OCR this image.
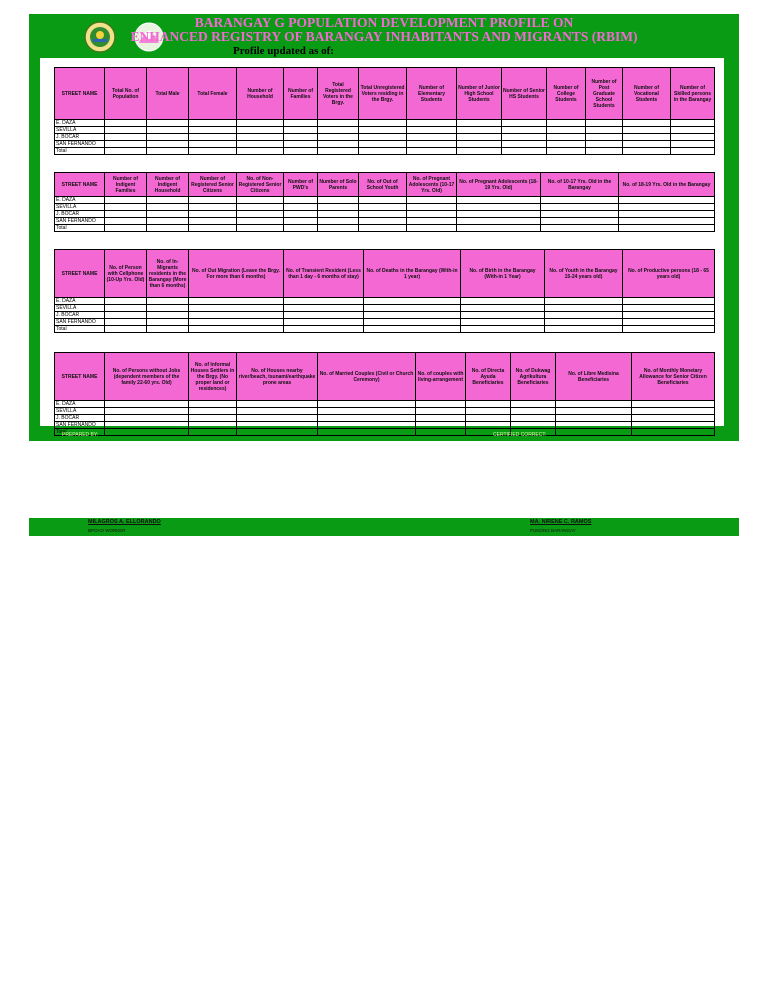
BARANGAY G POPULATION DEVELOPMENT PROFILE ON
ENHANCED REGISTRY OF BARANGAY INHABITANTS AND MIGRANTS (RBIM)
Profile updated as of:
STREET NAME	Total No. of Population	Total Male	Total Female	Number of Household	Number of Families	Total Registered Voters in the Brgy.	Total Unregistered Voters residing in the Brgy.	Number of Elementary Students	Number of Junior High School Students	Number of Senior HS Students	Number of College Students	Number of Post Graduate School Students	Number of Vocational Students	Number of Skilled persons in the Barangay
E. DAZA														
SEVILLA														
J. BOCAR														
SAN FERNANDO														
Total														
STREET NAME	Number of Indigent Families	Number of Indigent Household	Number of Registered Senior Citizens	No. of Non-Registered Senior Citizens	Number of PWD's	Number of Solo Parents	No. of Out of School Youth	No. of Pregnant Adolescents (10-17 Yrs. Old)	No. of Pregnant Adolescents (18-19 Yrs. Old)	No. of 10-17 Yrs. Old in the Barangay	No. of 18-19 Yrs. Old in the Barangay
E. DAZA											
SEVILLA											
J. BOCAR											
SAN FERNANDO											
Total											
STREET NAME	No. of Person with Cellphone (10-Up Yrs. Old)	No. of In-Migrants residents in the Barangay (More than 6 months)	No. of Out Migration (Leave the Brgy. For more than 6 months)	No. of Transient Resident (Less than 1 day - 6 months of stay)	No. of Deaths in the Barangay (With-in 1 year)	No. of Birth in the Barangay (With-in 1 Year)	No. of Youth in the Barangay 15-24 years old)	No. of Productive persons (18 - 65 years old)
E. DAZA								
SEVILLA								
J. BOCAR								
SAN FERNANDO								
Total								
STREET NAME	No. of Persons without Jobs (dependent members of the family 22-60 yrs. Old)	No. of Informal Houses Settlers in the Brgy. (No proper land or residences)	No. of Houses nearby river/beach, tsunami/earthquake prone areas	No. of Married Couples (Civil or Church Ceremony)	No. of couples with living-arrangement	No. of Directa Ayuda Beneficiaries	No. of Dukwag Agrikultura Beneficiaries	No. of Libre Medisina Beneficiaries	No. of Monthly Monetary Allowance for Senior Citizen Beneficiaries
E. DAZA									
SEVILLA									
J. BOCAR									
SAN FERNANDO									
Total									
PREPARED BY:	CERTIFIED CORRECT:
MILAGROS A. ELLORANDO
BPOAO WORKER
MA. NIRENE C. RAMOS
PUNONG BARANGAY
